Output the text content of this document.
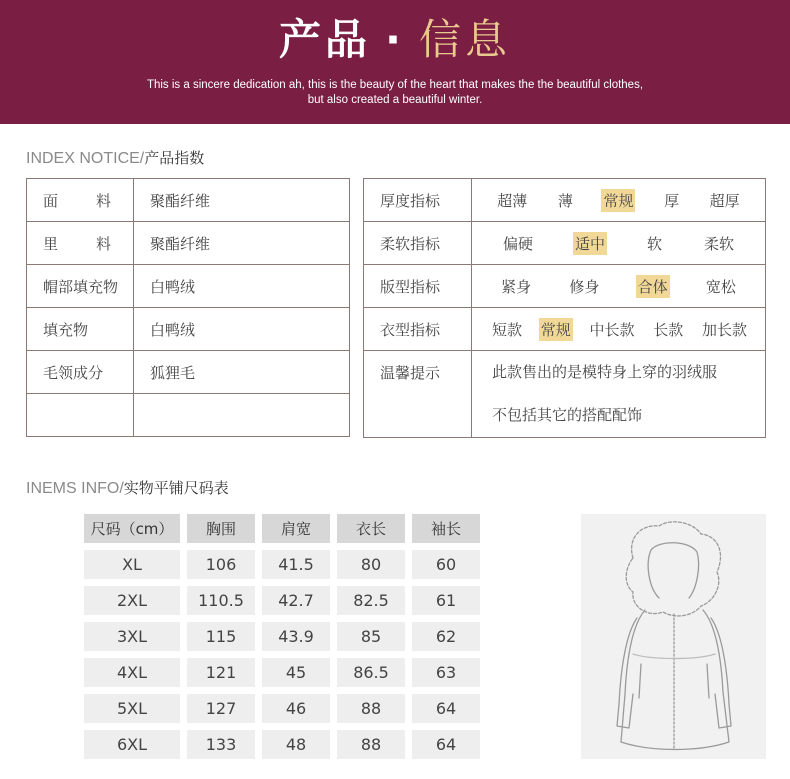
产品 · 信息
This is a sincere dedication ah, this is the beauty of the heart that makes the the beautiful clothes,
but also created a beautiful winter.
INDEX NOTICE/产品指数
面 料	聚酯纤维
里 料	聚酯纤维
帽部填充物	白鸭绒
填充物	白鸭绒
毛领成分	狐狸毛

厚度指标	超薄 薄 常规 厚 超厚

柔软指标	偏硬 适中 软 柔软

版型指标	紧身 修身 合体 宽松

衣型指标	短款 常规 中长款 长款 加长款

温馨提示	此款售出的是模特身上穿的羽绒服
不包括其它的搭配配饰

INEMS INFO/实物平铺尺码表
尺码（cm）	胸围	肩宽	衣长	袖长
XL	106	41.5	80	60
2XL	110.5	42.7	82.5	61
3XL	115	43.9	85	62
4XL	121	45	86.5	63
5XL	127	46	88	64
6XL	133	48	88	64
